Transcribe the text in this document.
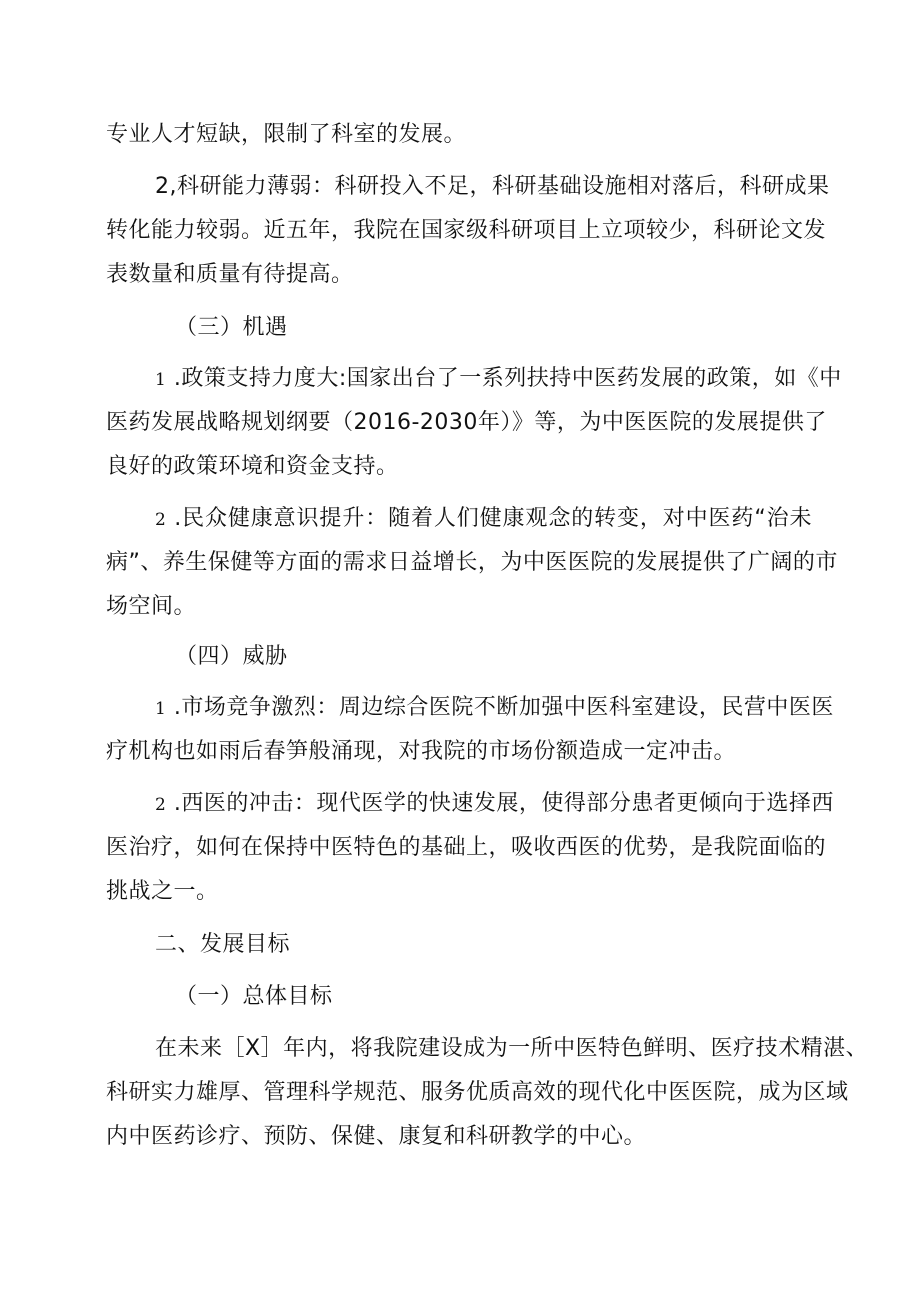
专业人才短缺，限制了科室的发展。
2,科研能力薄弱：科研投入不足，科研基础设施相对落后，科研成果
转化能力较弱。近五年，我院在国家级科研项目上立项较少，科研论文发
表数量和质量有待提高。
（三）机遇
1 .政策支持力度大:国家出台了一系列扶持中医药发展的政策，如《中
医药发展战略规划纲要（2016-2030年）》等，为中医医院的发展提供了
良好的政策环境和资金支持。
2 .民众健康意识提升：随着人们健康观念的转变，对中医药“治未
病”、养生保健等方面的需求日益增长，为中医医院的发展提供了广阔的市
场空间。
（四）威胁
1 .市场竞争激烈：周边综合医院不断加强中医科室建设，民营中医医
疗机构也如雨后春笋般涌现，对我院的市场份额造成一定冲击。
2 .西医的冲击：现代医学的快速发展，使得部分患者更倾向于选择西
医治疗，如何在保持中医特色的基础上，吸收西医的优势，是我院面临的
挑战之一。
二、发展目标
（一）总体目标
在未来［X］年内，将我院建设成为一所中医特色鲜明、医疗技术精湛、
科研实力雄厚、管理科学规范、服务优质高效的现代化中医医院，成为区域
内中医药诊疗、预防、保健、康复和科研教学的中心。
